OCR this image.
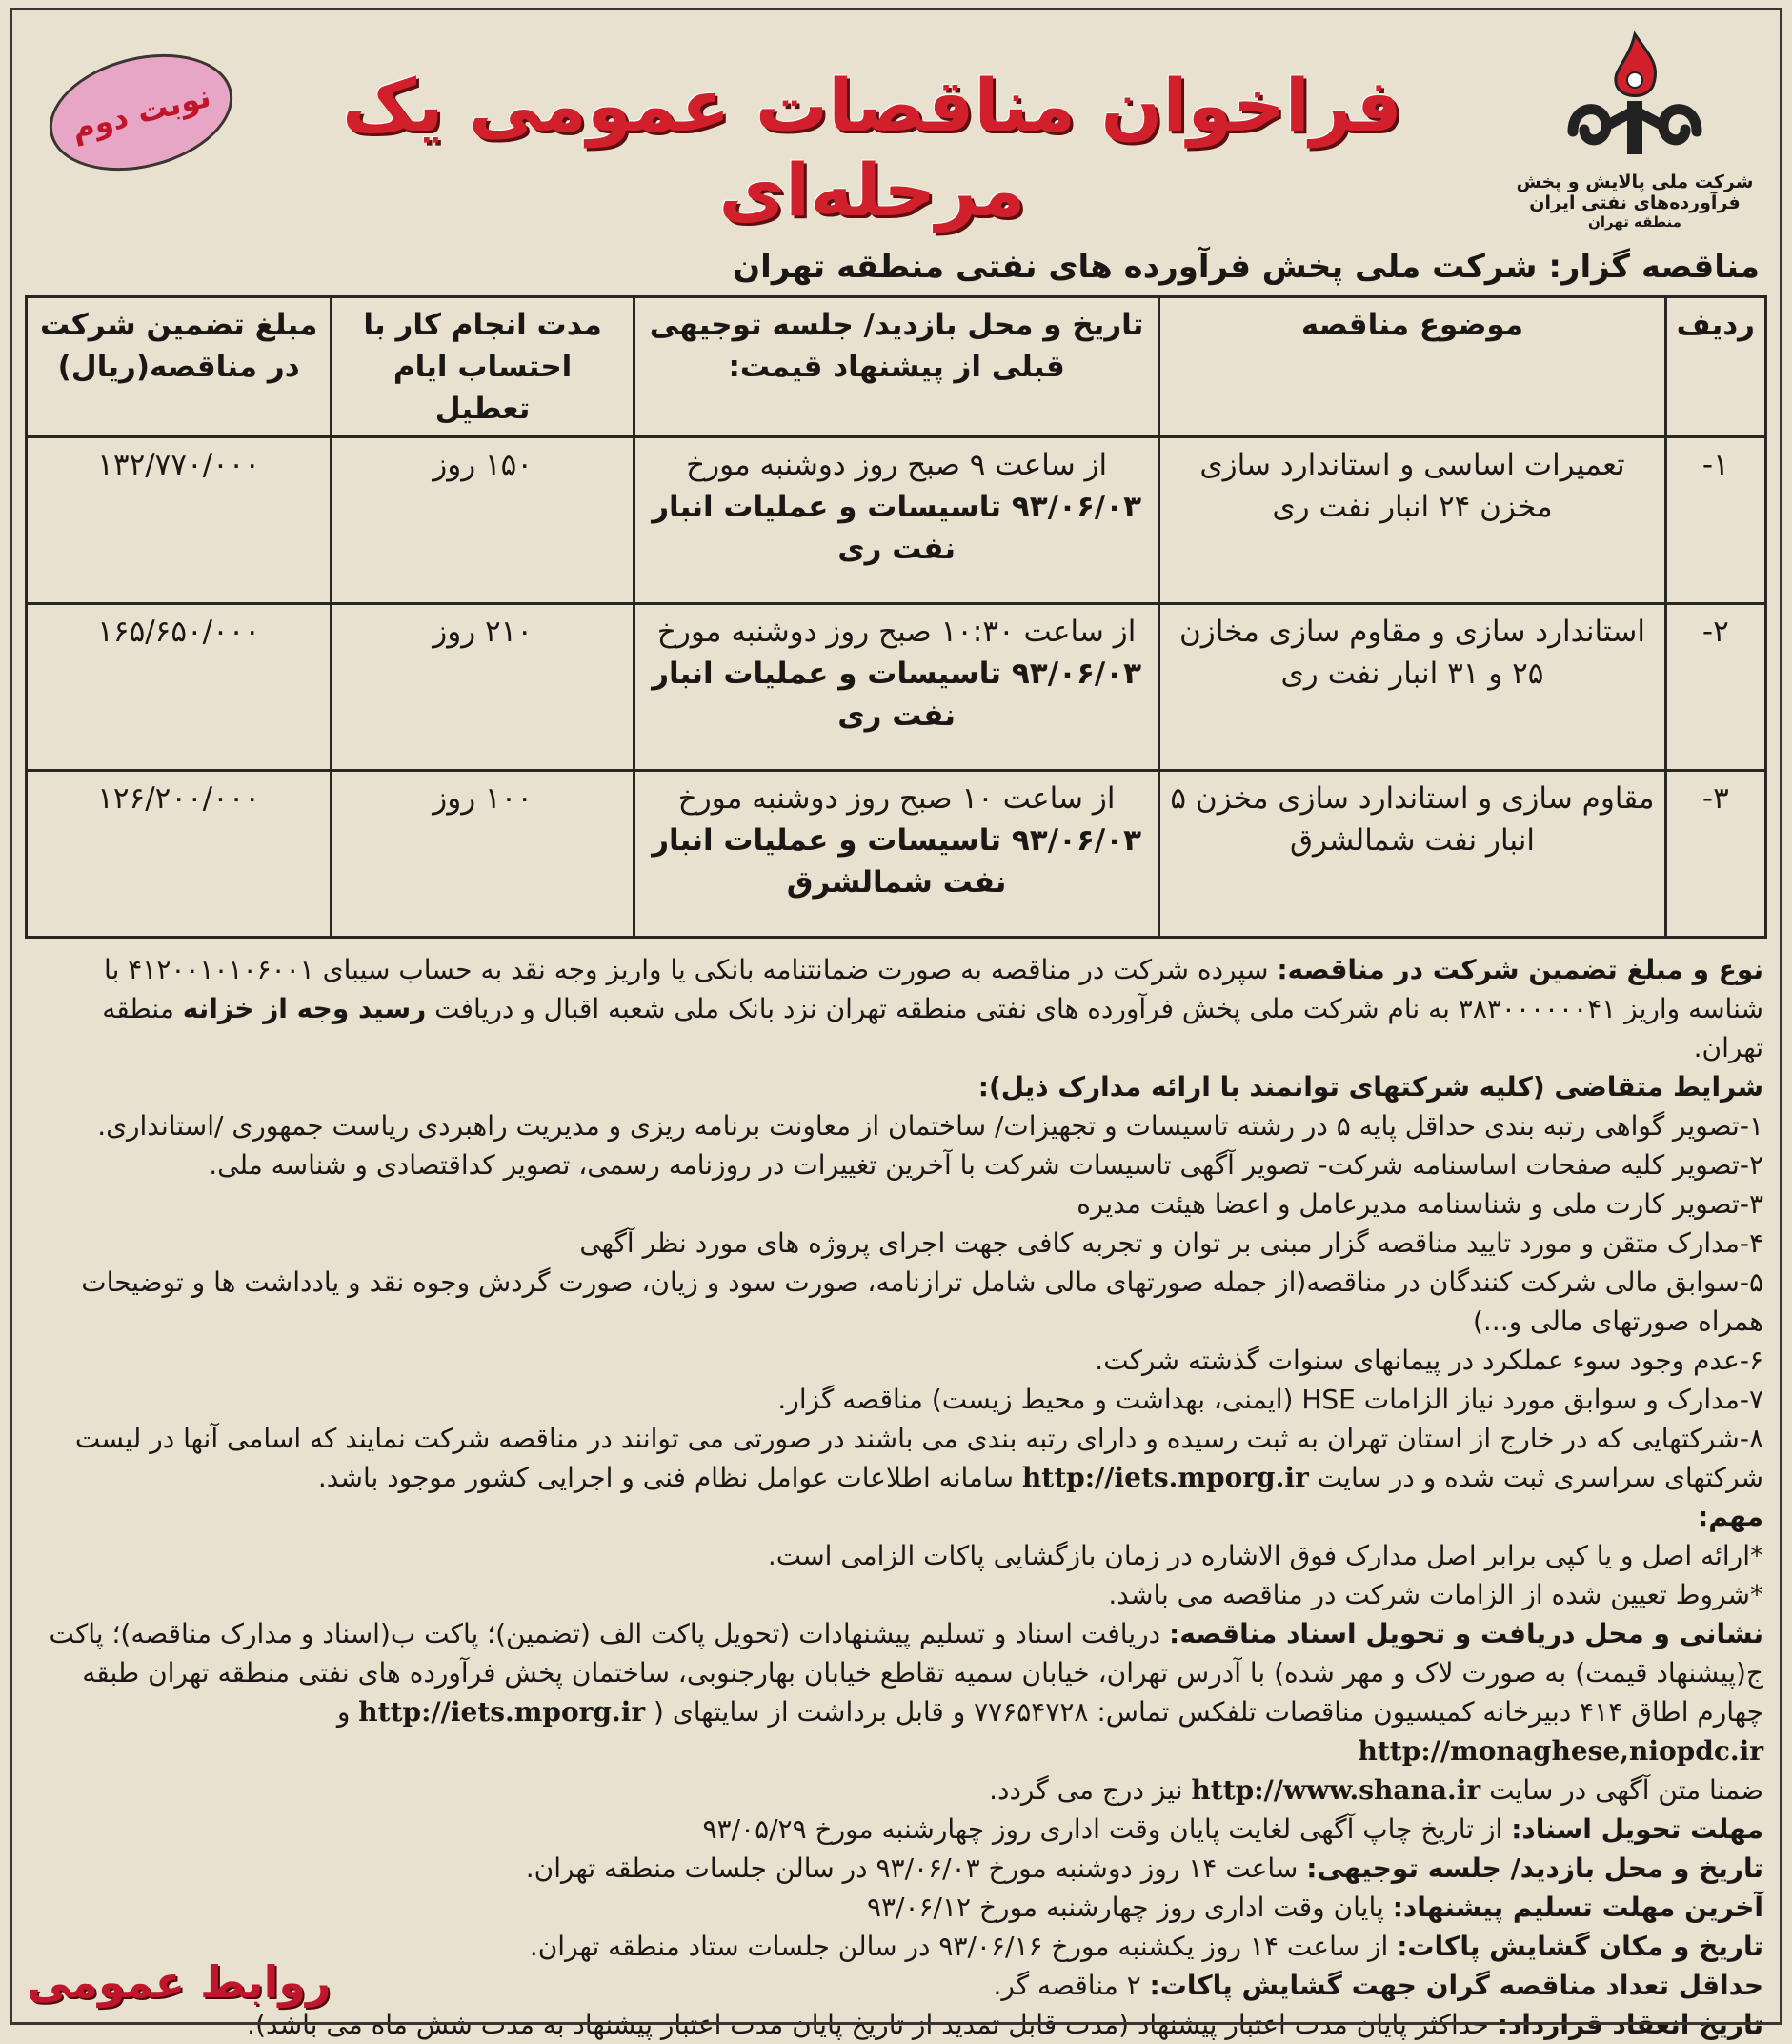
شرکت ملی پالایش و پخش فرآورده‌های نفتی ایران
منطقه تهران
فراخوان مناقصات عمومی یک مرحله‌ای
نوبت دوم
مناقصه گزار: شرکت ملی پخش فرآورده های نفتی منطقه تهران
ردیف	موضوع مناقصه	تاریخ و محل بازدید/ جلسه توجیهی قبلی از پیشنهاد قیمت:	مدت انجام کار با احتساب ایام تعطیل	مبلغ تضمین شرکت در مناقصه(ریال)
۱-	تعمیرات اساسی و استاندارد سازی مخزن ۲۴ انبار نفت ری	از ساعت ۹ صبح روز دوشنبه مورخ ۹۳/۰۶/۰۳ تاسیسات و عملیات انبار نفت ری	۱۵۰ روز	۱۳۲/۷۷۰/۰۰۰
۲-	استاندارد سازی و مقاوم سازی مخازن ۲۵ و ۳۱ انبار نفت ری	از ساعت ۱۰:۳۰ صبح روز دوشنبه مورخ ۹۳/۰۶/۰۳ تاسیسات و عملیات انبار نفت ری	۲۱۰ روز	۱۶۵/۶۵۰/۰۰۰
۳-	مقاوم سازی و استاندارد سازی مخزن ۵ انبار نفت شمالشرق	از ساعت ۱۰ صبح روز دوشنبه مورخ ۹۳/۰۶/۰۳ تاسیسات و عملیات انبار نفت شمالشرق	۱۰۰ روز	۱۲۶/۲۰۰/۰۰۰

نوع و مبلغ تضمین شرکت در مناقصه: سپرده شرکت در مناقصه به صورت ضمانتنامه بانکی یا واریز وجه نقد به حساب سیبای ۴۱۲۰۰۱۰۱۰۶۰۰۱ با شناسه واریز ۳۸۳۰۰۰۰۰۰۴۱ به نام شرکت ملی پخش فرآورده های نفتی منطقه تهران نزد بانک ملی شعبه اقبال و دریافت رسید وجه از خزانه منطقه تهران.

شرایط متقاضی (کلیه شرکتهای توانمند با ارائه مدارک ذیل):

۱-تصویر گواهی رتبه بندی حداقل پایه ۵ در رشته تاسیسات و تجهیزات/ ساختمان از معاونت برنامه ریزی و مدیریت راهبردی ریاست جمهوری /استانداری.

۲-تصویر کلیه صفحات اساسنامه شرکت- تصویر آگهی تاسیسات شرکت با آخرین تغییرات در روزنامه رسمی، تصویر کداقتصادی و شناسه ملی.

۳-تصویر کارت ملی و شناسنامه مدیرعامل و اعضا هیئت مدیره

۴-مدارک متقن و مورد تایید مناقصه گزار مبنی بر توان و تجربه کافی جهت اجرای پروژه های مورد نظر آگهی

۵-سوابق مالی شرکت کنندگان در مناقصه(از جمله صورتهای مالی شامل ترازنامه، صورت سود و زیان، صورت گردش وجوه نقد و یادداشت ها و توضیحات همراه صورتهای مالی و...)

۶-عدم وجود سوء عملکرد در پیمانهای سنوات گذشته شرکت.

۷-مدارک و سوابق مورد نیاز الزامات HSE (ایمنی، بهداشت و محیط زیست) مناقصه گزار.

۸-شرکتهایی که در خارج از استان تهران به ثبت رسیده و دارای رتبه بندی می باشند در صورتی می توانند در مناقصه شرکت نمایند که اسامی آنها در لیست شرکتهای سراسری ثبت شده و در سایت http://iets.mporg.ir سامانه اطلاعات عوامل نظام فنی و اجرایی کشور موجود باشد.

مهم:

*ارائه اصل و یا کپی برابر اصل مدارک فوق الاشاره در زمان بازگشایی پاکات الزامی است.

*شروط تعیین شده از الزامات شرکت در مناقصه می باشد.

نشانی و محل دریافت و تحویل اسناد مناقصه: دریافت اسناد و تسلیم پیشنهادات (تحویل پاکت الف (تضمین)؛ پاکت ب(اسناد و مدارک مناقصه)؛ پاکت ج(پیشنهاد قیمت) به صورت لاک و مهر شده) با آدرس تهران، خیابان سمیه تقاطع خیابان بهارجنوبی، ساختمان پخش فرآورده های نفتی منطقه تهران طبقه چهارم اطاق ۴۱۴ دبیرخانه کمیسیون مناقصات تلفکس تماس: ۷۷۶۵۴۷۲۸ و قابل برداشت از سایتهای ( http://iets.mporg.ir و http://monaghese,niopdc.ir

ضمنا متن آگهی در سایت http://www.shana.ir نیز درج می گردد.

مهلت تحویل اسناد: از تاریخ چاپ آگهی لغایت پایان وقت اداری روز چهارشنبه مورخ ۹۳/۰۵/۲۹

تاریخ و محل بازدید/ جلسه توجیهی: ساعت ۱۴ روز دوشنبه مورخ ۹۳/۰۶/۰۳ در سالن جلسات منطقه تهران.

آخرین مهلت تسلیم پیشنهاد: پایان وقت اداری روز چهارشنبه مورخ ۹۳/۰۶/۱۲

تاریخ و مکان گشایش پاکات: از ساعت ۱۴ روز یکشنبه مورخ ۹۳/۰۶/۱۶ در سالن جلسات ستاد منطقه تهران.

حداقل تعداد مناقصه گران جهت گشایش پاکات: ۲ مناقصه گر.

تاریخ انعقاد قرارداد: حداکثر پایان مدت اعتبار پیشنهاد (مدت قابل تمدید از تاریخ پایان مدت اعتبار پیشنهاد به مدت شش ماه می باشد).

روابط عمومی
